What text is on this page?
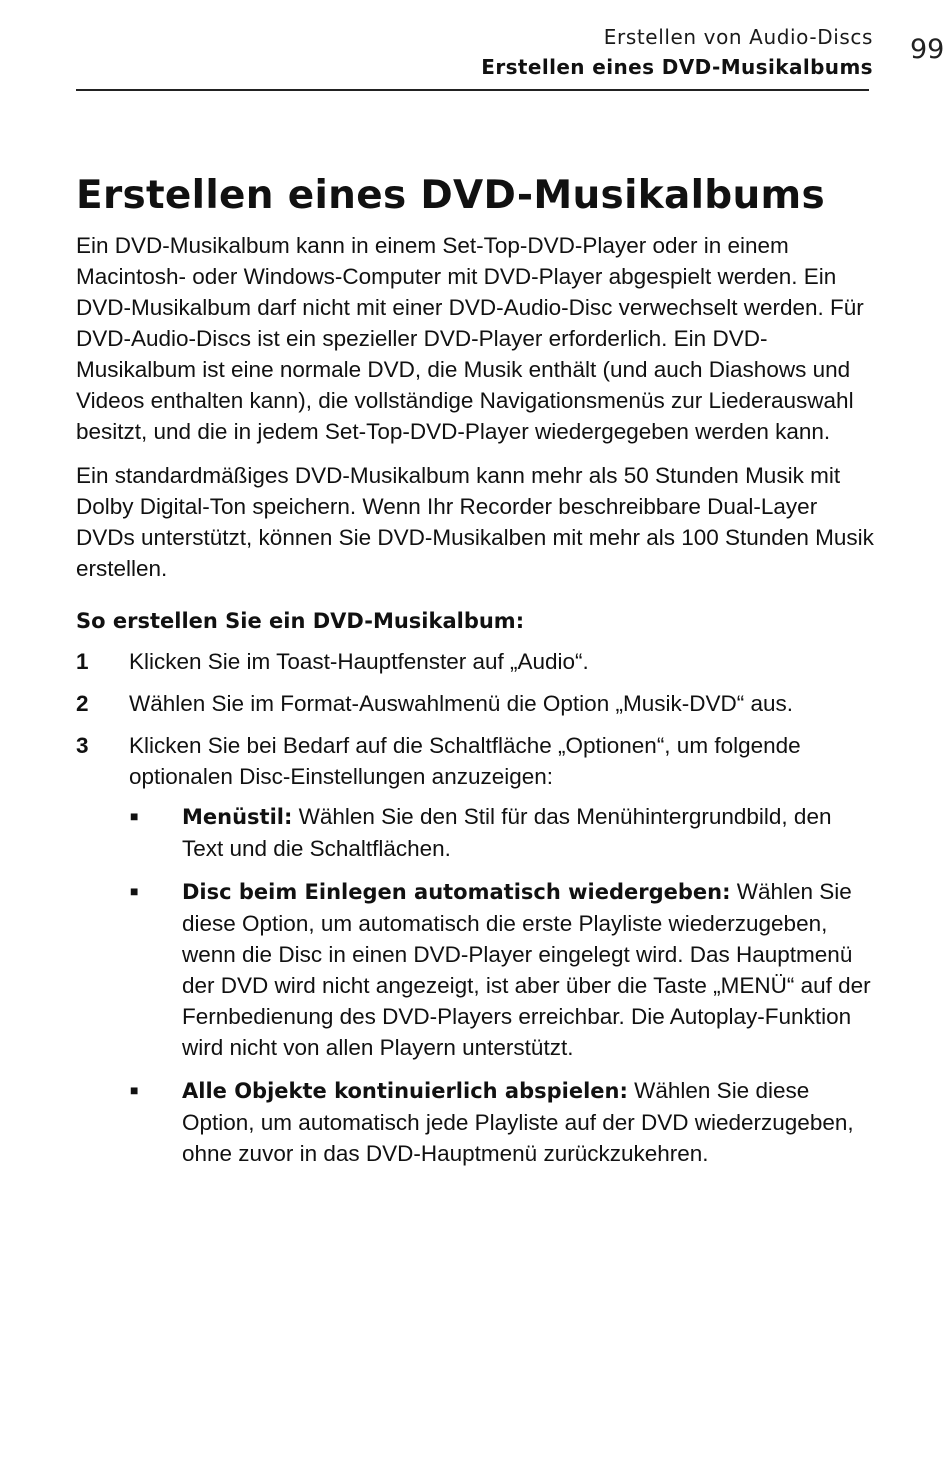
Erstellen von Audio-Discs
Erstellen eines DVD-Musikalbums
99
Erstellen eines DVD-Musikalbums

Ein DVD-Musikalbum kann in einem Set-Top-DVD-Player oder in einem Macintosh- oder Windows-Computer mit DVD-Player abgespielt werden. Ein DVD-Musikalbum darf nicht mit einer DVD-Audio-Disc verwechselt werden. Für DVD-Audio-Discs ist ein spezieller DVD-Player erforderlich. Ein DVD-Musikalbum ist eine normale DVD, die Musik enthält (und auch Diashows und Videos enthalten kann), die vollständige Navigationsmenüs zur Liederauswahl besitzt, und die in jedem Set-Top-DVD-Player wiedergegeben werden kann.

Ein standardmäßiges DVD-Musikalbum kann mehr als 50 Stunden Musik mit Dolby Digital-Ton speichern. Wenn Ihr Recorder beschreibbare Dual-Layer DVDs unterstützt, können Sie DVD-Musikalben mit mehr als 100 Stunden Musik erstellen.

So erstellen Sie ein DVD-Musikalbum:
1	Klicken Sie im Toast-Hauptfenster auf „Audio“.
2	Wählen Sie im Format-Auswahlmenü die Option „Musik-DVD“ aus.
3	Klicken Sie bei Bedarf auf die Schaltfläche „Optionen“, um folgende optionalen Disc-Einstellungen anzuzeigen:
■	Menüstil: Wählen Sie den Stil für das Menühintergrundbild, den Text und die Schaltflächen.
■	Disc beim Einlegen automatisch wiedergeben: Wählen Sie diese Option, um automatisch die erste Playliste wiederzugeben, wenn die Disc in einen DVD-Player eingelegt wird. Das Hauptmenü der DVD wird nicht angezeigt, ist aber über die Taste „MENÜ“ auf der Fernbedienung des DVD-Players erreichbar. Die Autoplay-Funktion wird nicht von allen Playern unterstützt.
■	Alle Objekte kontinuierlich abspielen: Wählen Sie diese Option, um automatisch jede Playliste auf der DVD wiederzugeben, ohne zuvor in das DVD-Hauptmenü zurückzukehren.
